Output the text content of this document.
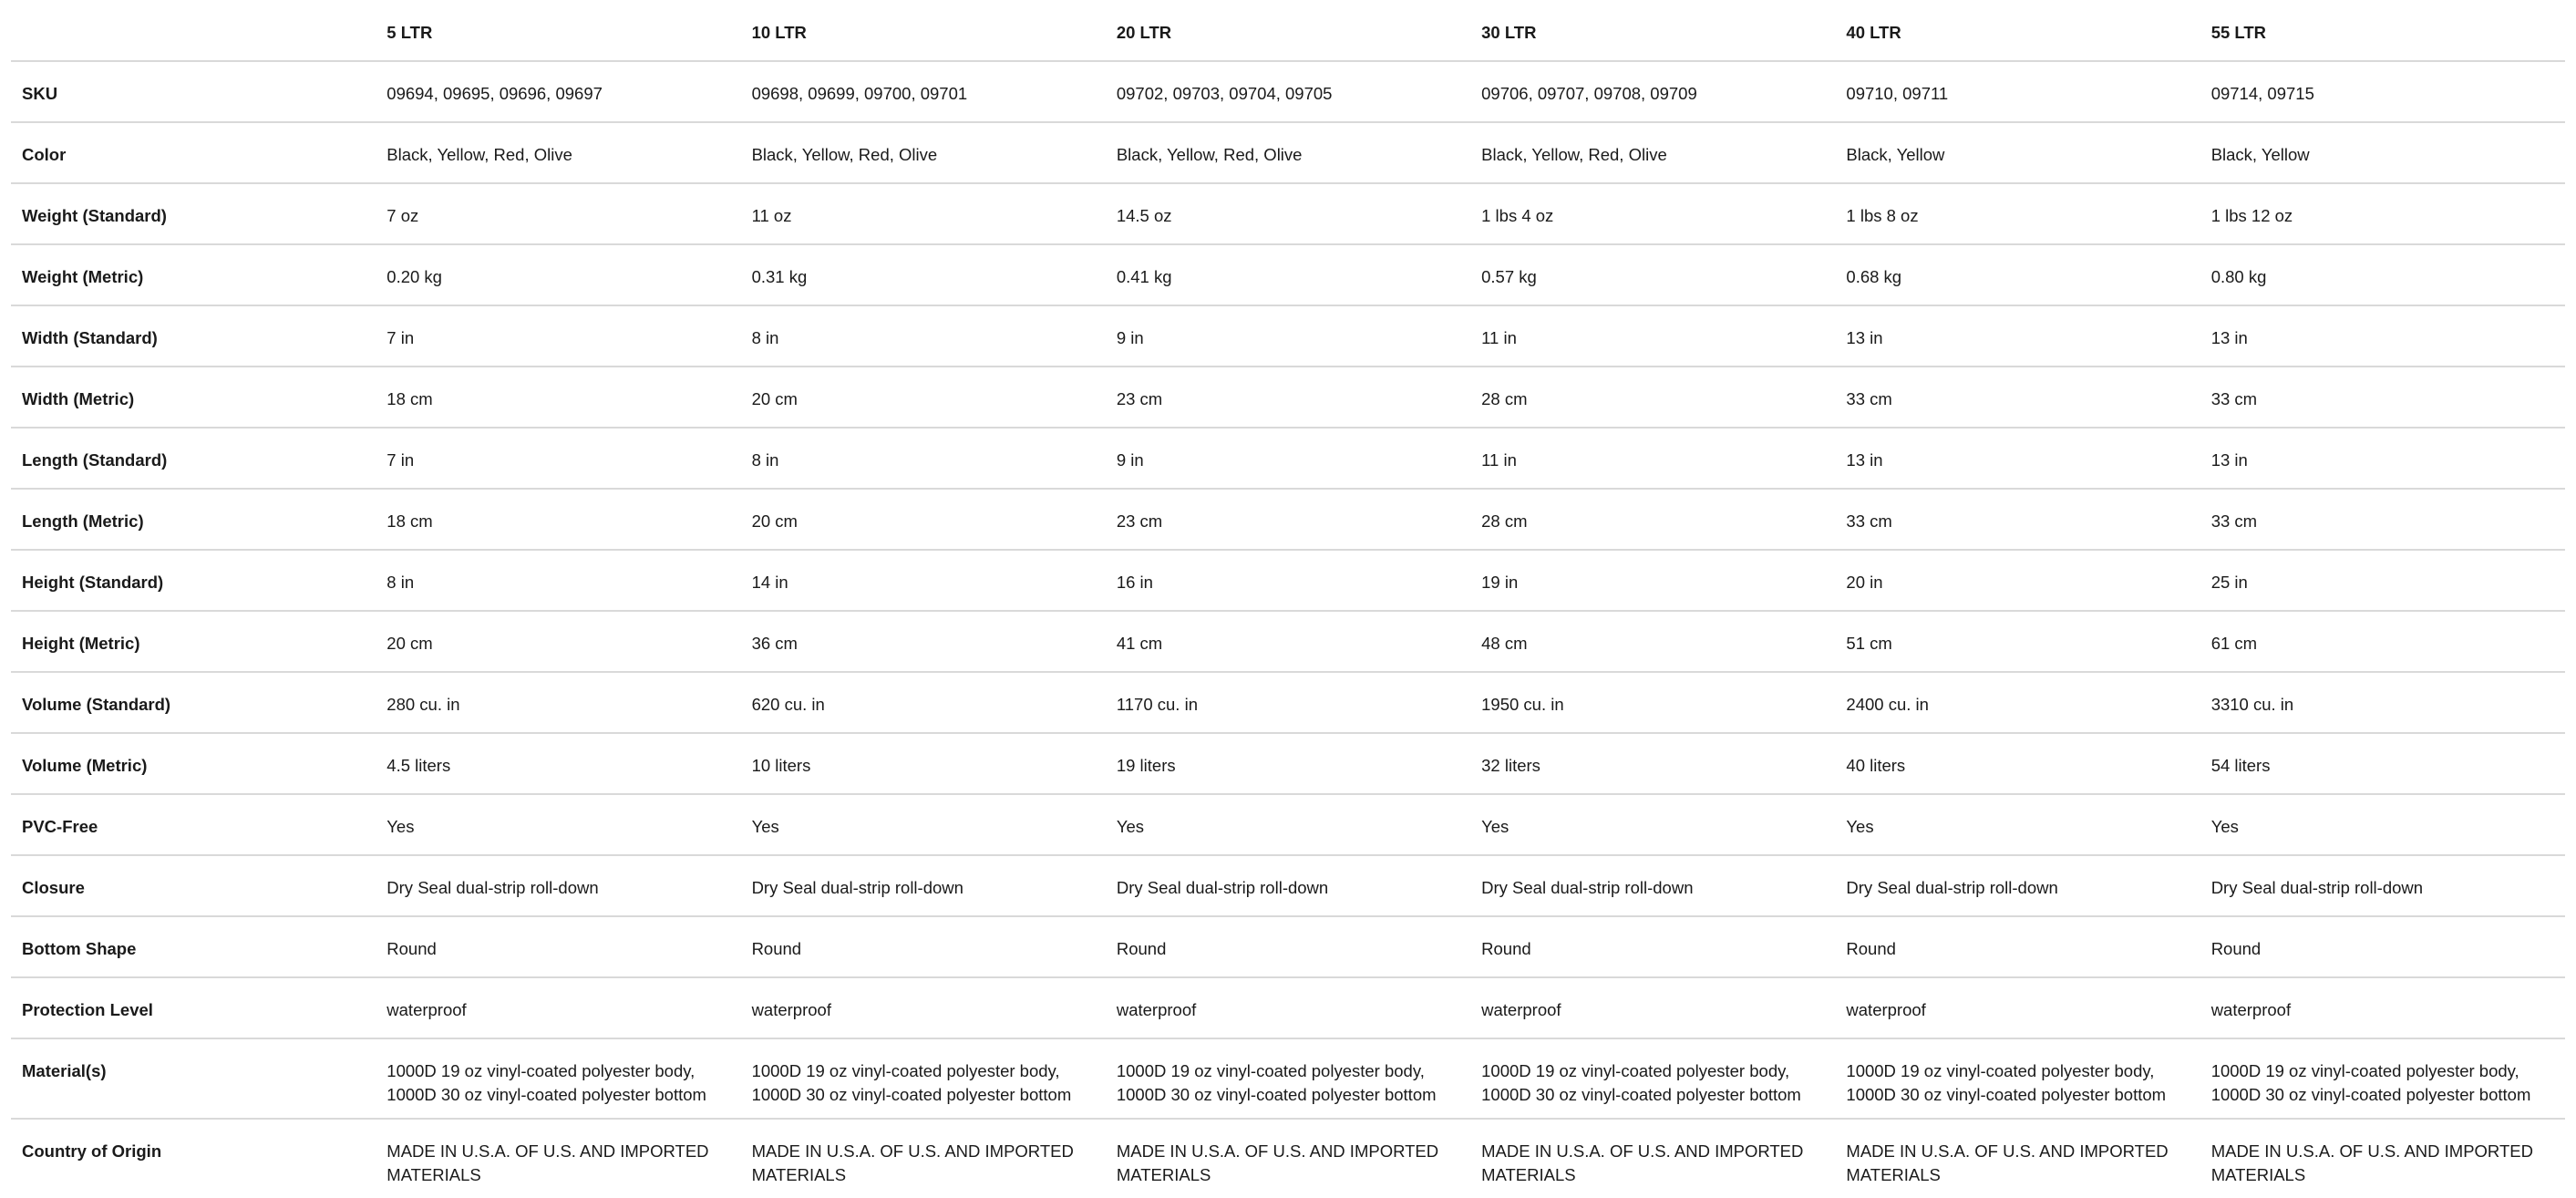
	5 LTR	10 LTR	20 LTR	30 LTR	40 LTR	55 LTR
SKU	09694, 09695, 09696, 09697	09698, 09699, 09700, 09701	09702, 09703, 09704, 09705	09706, 09707, 09708, 09709	09710, 09711	09714, 09715
Color	Black, Yellow, Red, Olive	Black, Yellow, Red, Olive	Black, Yellow, Red, Olive	Black, Yellow, Red, Olive	Black, Yellow	Black, Yellow
Weight (Standard)	7 oz	11 oz	14.5 oz	1 lbs 4 oz	1 lbs 8 oz	1 lbs 12 oz
Weight (Metric)	0.20 kg	0.31 kg	0.41 kg	0.57 kg	0.68 kg	0.80 kg
Width (Standard)	7 in	8 in	9 in	11 in	13 in	13 in
Width (Metric)	18 cm	20 cm	23 cm	28 cm	33 cm	33 cm
Length (Standard)	7 in	8 in	9 in	11 in	13 in	13 in
Length (Metric)	18 cm	20 cm	23 cm	28 cm	33 cm	33 cm
Height (Standard)	8 in	14 in	16 in	19 in	20 in	25 in
Height (Metric)	20 cm	36 cm	41 cm	48 cm	51 cm	61 cm
Volume (Standard)	280 cu. in	620 cu. in	1170 cu. in	1950 cu. in	2400 cu. in	3310 cu. in
Volume (Metric)	4.5 liters	10 liters	19 liters	32 liters	40 liters	54 liters
PVC-Free	Yes	Yes	Yes	Yes	Yes	Yes
Closure	Dry Seal dual-strip roll-down	Dry Seal dual-strip roll-down	Dry Seal dual-strip roll-down	Dry Seal dual-strip roll-down	Dry Seal dual-strip roll-down	Dry Seal dual-strip roll-down
Bottom Shape	Round	Round	Round	Round	Round	Round
Protection Level	waterproof	waterproof	waterproof	waterproof	waterproof	waterproof
Material(s)	1000D 19 oz vinyl-coated polyester body, 1000D 30 oz vinyl-coated polyester bottom	1000D 19 oz vinyl-coated polyester body, 1000D 30 oz vinyl-coated polyester bottom	1000D 19 oz vinyl-coated polyester body, 1000D 30 oz vinyl-coated polyester bottom	1000D 19 oz vinyl-coated polyester body, 1000D 30 oz vinyl-coated polyester bottom	1000D 19 oz vinyl-coated polyester body, 1000D 30 oz vinyl-coated polyester bottom	1000D 19 oz vinyl-coated polyester body, 1000D 30 oz vinyl-coated polyester bottom
Country of Origin	MADE IN U.S.A. OF U.S. AND IMPORTED MATERIALS	MADE IN U.S.A. OF U.S. AND IMPORTED MATERIALS	MADE IN U.S.A. OF U.S. AND IMPORTED MATERIALS	MADE IN U.S.A. OF U.S. AND IMPORTED MATERIALS	MADE IN U.S.A. OF U.S. AND IMPORTED MATERIALS	MADE IN U.S.A. OF U.S. AND IMPORTED MATERIALS
